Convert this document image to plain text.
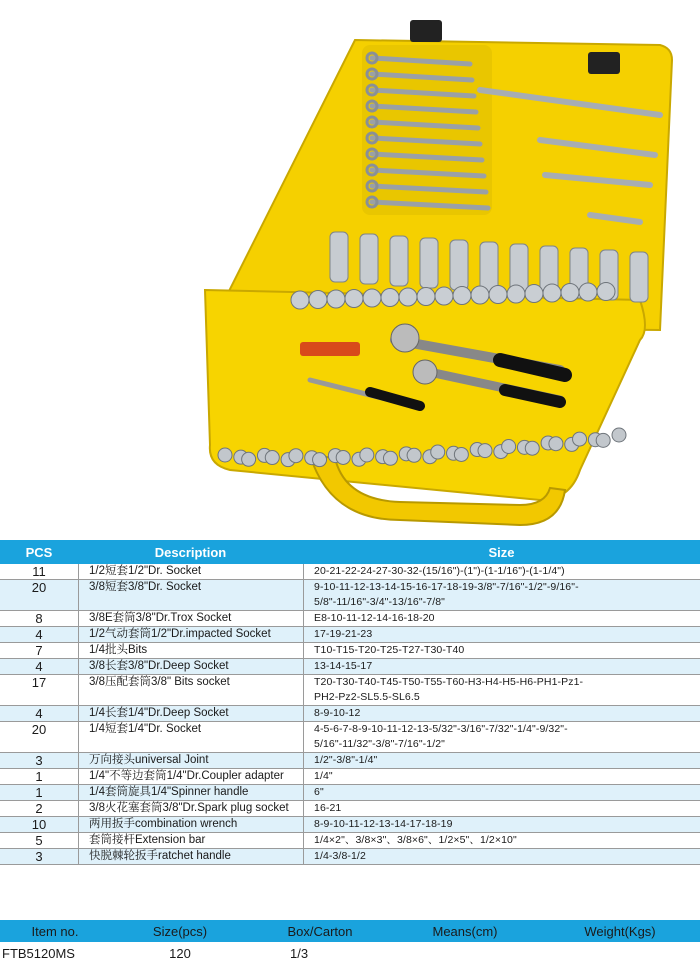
PCS	Description	Size
11	1/2短套1/2"Dr. Socket	20-21-22-24-27-30-32-(15/16")-(1")-(1-1/16")-(1-1/4")
20	3/8短套3/8"Dr. Socket	9-10-11-12-13-14-15-16-17-18-19-3/8"-7/16"-1/2"-9/16"-
5/8"-11/16"-3/4"-13/16"-7/8"
8	3/8E套筒3/8"Dr.Trox Socket	E8-10-11-12-14-16-18-20
4	1/2气动套筒1/2"Dr.impacted Socket	17-19-21-23
7	1/4批头Bits	T10-T15-T20-T25-T27-T30-T40
4	3/8长套3/8"Dr.Deep Socket	13-14-15-17
17	3/8压配套筒3/8" Bits socket	T20-T30-T40-T45-T50-T55-T60-H3-H4-H5-H6-PH1-Pz1-
PH2-Pz2-SL5.5-SL6.5
4	1/4长套1/4"Dr.Deep Socket	8-9-10-12
20	1/4短套1/4"Dr. Socket	4-5-6-7-8-9-10-11-12-13-5/32"-3/16"-7/32"-1/4"-9/32"-
5/16"-11/32"-3/8"-7/16"-1/2"
3	万向接头universal Joint	1/2"-3/8"-1/4"
1	1/4"不等边套筒1/4"Dr.Coupler adapter	1/4"
1	1/4套筒旋具1/4"Spinner handle	6"
2	3/8火花塞套筒3/8"Dr.Spark plug socket	16-21
10	两用扳手combination wrench	8-9-10-11-12-13-14-17-18-19
5	套筒接杆Extension bar	1/4×2"、3/8×3"、3/8×6"、1/2×5"、1/2×10"
3	快脱棘轮扳手ratchet handle	1/4-3/8-1/2
Item no.	Size(pcs)	Box/Carton	Means(cm)	Weight(Kgs)
FTB5120MS	120	1/3
